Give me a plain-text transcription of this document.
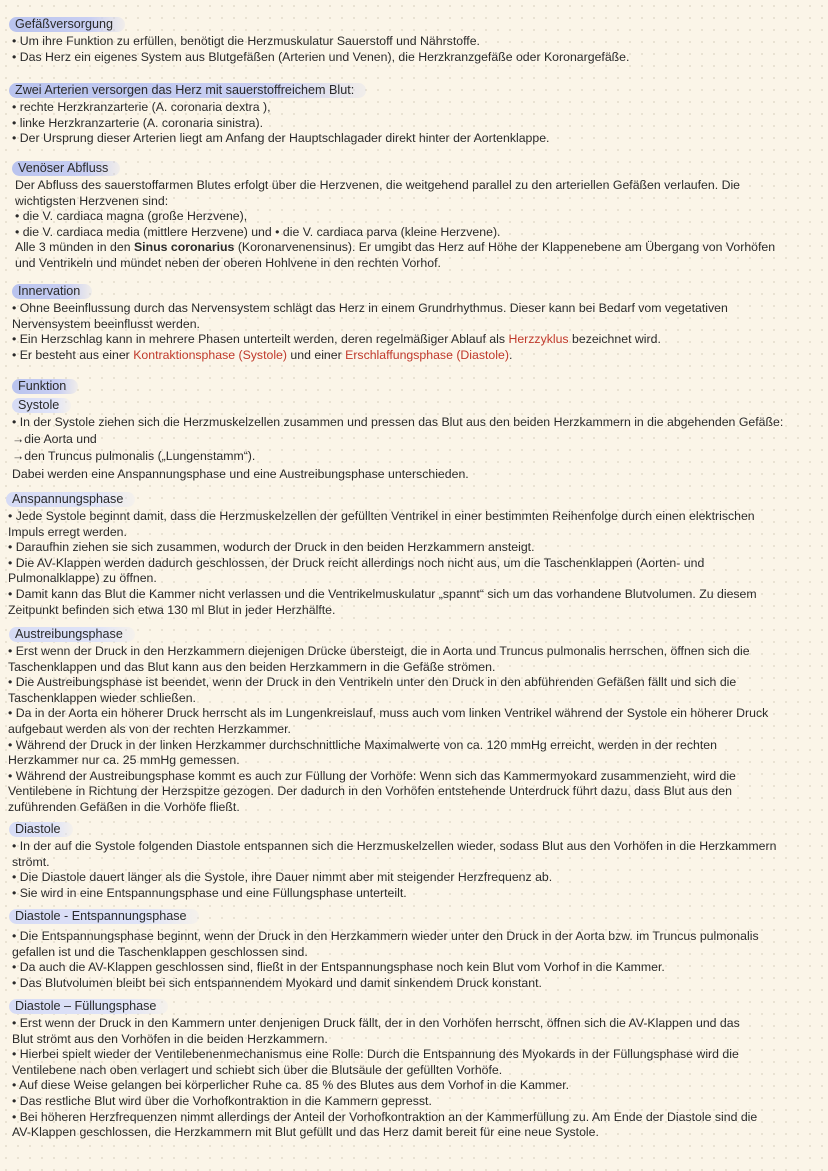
Gefäßversorgung
• Um ihre Funktion zu erfüllen, benötigt die Herzmuskulatur Sauerstoff und Nährstoffe.
• Das Herz ein eigenes System aus Blutgefäßen (Arterien und Venen), die Herzkranzgefäße oder Koronargefäße.
Zwei Arterien versorgen das Herz mit sauerstoffreichem Blut:
• rechte Herzkranzarterie (A. coronaria dextra ),
• linke Herzkranzarterie (A. coronaria sinistra).
• Der Ursprung dieser Arterien liegt am Anfang der Hauptschlagader direkt hinter der Aortenklappe.
Venöser Abfluss
Der Abfluss des sauerstoffarmen Blutes erfolgt über die Herzvenen, die weitgehend parallel zu den arteriellen Gefäßen verlaufen. Die
wichtigsten Herzvenen sind:
• die V. cardiaca magna (große Herzvene),
• die V. cardiaca media (mittlere Herzvene) und • die V. cardiaca parva (kleine Herzvene).
Alle 3 münden in den Sinus coronarius (Koronarvenensinus). Er umgibt das Herz auf Höhe der Klappenebene am Übergang von Vorhöfen
und Ventrikeln und mündet neben der oberen Hohlvene in den rechten Vorhof.
Innervation
• Ohne Beeinflussung durch das Nervensystem schlägt das Herz in einem Grundrhythmus. Dieser kann bei Bedarf vom vegetativen
Nervensystem beeinflusst werden.
• Ein Herzschlag kann in mehrere Phasen unterteilt werden, deren regelmäßiger Ablauf als Herzzyklus bezeichnet wird.
• Er besteht aus einer Kontraktionsphase (Systole) und einer Erschlaffungsphase (Diastole).
Funktion
Systole
• In der Systole ziehen sich die Herzmuskelzellen zusammen und pressen das Blut aus den beiden Herzkammern in die abgehenden Gefäße:
→die Aorta und
→den Truncus pulmonalis („Lungenstamm“).
Dabei werden eine Anspannungsphase und eine Austreibungsphase unterschieden.
Anspannungsphase
• Jede Systole beginnt damit, dass die Herzmuskelzellen der gefüllten Ventrikel in einer bestimmten Reihenfolge durch einen elektrischen
Impuls erregt werden.
• Daraufhin ziehen sie sich zusammen, wodurch der Druck in den beiden Herzkammern ansteigt.
• Die AV-Klappen werden dadurch geschlossen, der Druck reicht allerdings noch nicht aus, um die Taschenklappen (Aorten- und
Pulmonalklappe) zu öffnen.
• Damit kann das Blut die Kammer nicht verlassen und die Ventrikelmuskulatur „spannt“ sich um das vorhandene Blutvolumen. Zu diesem
Zeitpunkt befinden sich etwa 130 ml Blut in jeder Herzhälfte.
Austreibungsphase
• Erst wenn der Druck in den Herzkammern diejenigen Drücke übersteigt, die in Aorta und Truncus pulmonalis herrschen, öffnen sich die
Taschenklappen und das Blut kann aus den beiden Herzkammern in die Gefäße strömen.
• Die Austreibungsphase ist beendet, wenn der Druck in den Ventrikeln unter den Druck in den abführenden Gefäßen fällt und sich die
Taschenklappen wieder schließen.
• Da in der Aorta ein höherer Druck herrscht als im Lungenkreislauf, muss auch vom linken Ventrikel während der Systole ein höherer Druck
aufgebaut werden als von der rechten Herzkammer.
• Während der Druck in der linken Herzkammer durchschnittliche Maximalwerte von ca. 120 mmHg erreicht, werden in der rechten
Herzkammer nur ca. 25 mmHg gemessen.
• Während der Austreibungsphase kommt es auch zur Füllung der Vorhöfe: Wenn sich das Kammermyokard zusammenzieht, wird die
Ventilebene in Richtung der Herzspitze gezogen. Der dadurch in den Vorhöfen entstehende Unterdruck führt dazu, dass Blut aus den
zuführenden Gefäßen in die Vorhöfe fließt.
Diastole
• In der auf die Systole folgenden Diastole entspannen sich die Herzmuskelzellen wieder, sodass Blut aus den Vorhöfen in die Herzkammern
strömt.
• Die Diastole dauert länger als die Systole, ihre Dauer nimmt aber mit steigender Herzfrequenz ab.
• Sie wird in eine Entspannungsphase und eine Füllungsphase unterteilt.
Diastole - Entspannungsphase
• Die Entspannungsphase beginnt, wenn der Druck in den Herzkammern wieder unter den Druck in der Aorta bzw. im Truncus pulmonalis
gefallen ist und die Taschenklappen geschlossen sind.
• Da auch die AV-Klappen geschlossen sind, fließt in der Entspannungsphase noch kein Blut vom Vorhof in die Kammer.
• Das Blutvolumen bleibt bei sich entspannendem Myokard und damit sinkendem Druck konstant.
Diastole – Füllungsphase
• Erst wenn der Druck in den Kammern unter denjenigen Druck fällt, der in den Vorhöfen herrscht, öffnen sich die AV-Klappen und das
Blut strömt aus den Vorhöfen in die beiden Herzkammern.
• Hierbei spielt wieder der Ventilebenenmechanismus eine Rolle: Durch die Entspannung des Myokards in der Füllungsphase wird die
Ventilebene nach oben verlagert und schiebt sich über die Blutsäule der gefüllten Vorhöfe.
• Auf diese Weise gelangen bei körperlicher Ruhe ca. 85 % des Blutes aus dem Vorhof in die Kammer.
• Das restliche Blut wird über die Vorhofkontraktion in die Kammern gepresst.
• Bei höheren Herzfrequenzen nimmt allerdings der Anteil der Vorhofkontraktion an der Kammerfüllung zu. Am Ende der Diastole sind die
AV-Klappen geschlossen, die Herzkammern mit Blut gefüllt und das Herz damit bereit für eine neue Systole.
